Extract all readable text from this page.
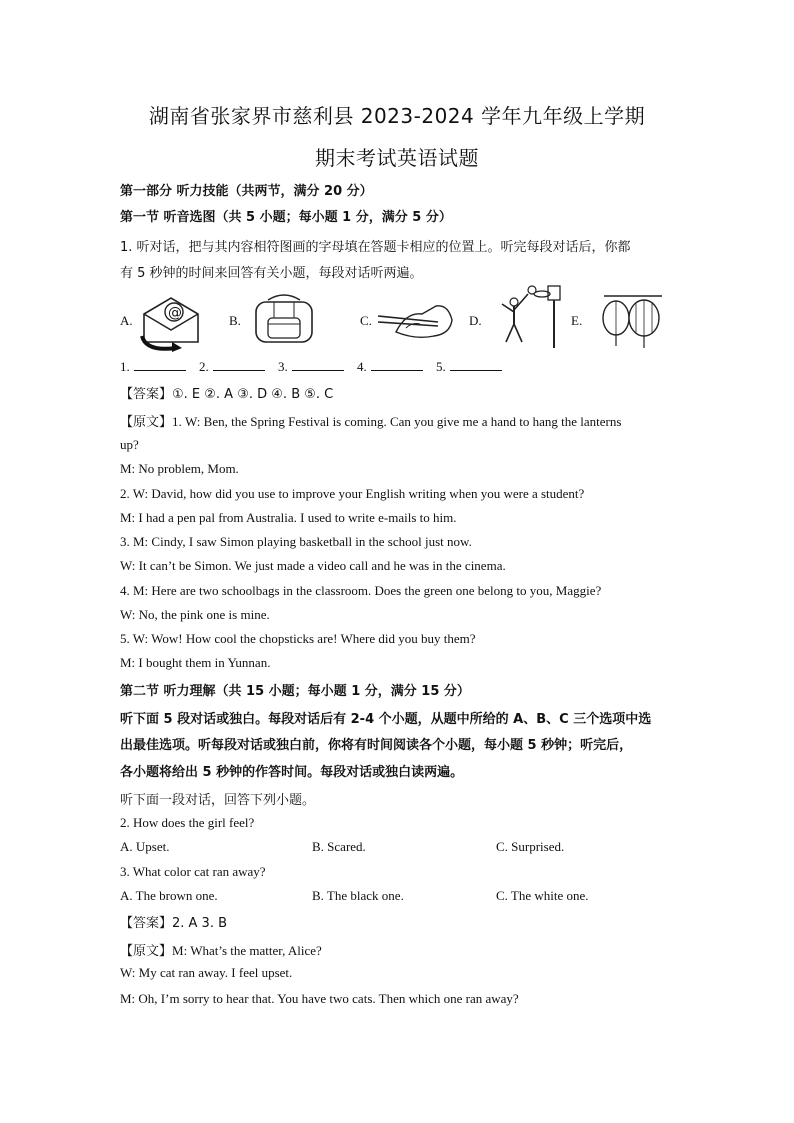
湖南省张家界市慈利县 2023-2024 学年九年级上学期
期末考试英语试题
第一部分 听力技能（共两节，满分 20 分）
第一节 听音选图（共 5 小题；每小题 1 分，满分 5 分）
1. 听对话，把与其内容相符图画的字母填在答题卡相应的位置上。听完每段对话后，你都
有 5 秒钟的时间来回答有关小题，每段对话听两遍。
A.	@	B.	C.	D.	E.
1.	2.	3.	4.	5.
【答案】①. E ②. A ③. D ④. B ⑤. C
【原文】1. W: Ben, the Spring Festival is coming. Can you give me a hand to hang the lanterns
up?
M: No problem, Mom.
2. W: David, how did you use to improve your English writing when you were a student?
M: I had a pen pal from Australia. I used to write e-mails to him.
3. M: Cindy, I saw Simon playing basketball in the school just now.
W: It can’t be Simon. We just made a video call and he was in the cinema.
4. M: Here are two schoolbags in the classroom. Does the green one belong to you, Maggie?
W: No, the pink one is mine.
5. W: Wow! How cool the chopsticks are! Where did you buy them?
M: I bought them in Yunnan.
第二节 听力理解（共 15 小题；每小题 1 分，满分 15 分）
听下面 5 段对话或独白。每段对话后有 2-4 个小题，从题中所给的 A、B、C 三个选项中选
出最佳选项。听每段对话或独白前，你将有时间阅读各个小题，每小题 5 秒钟；听完后，
各小题将给出 5 秒钟的作答时间。每段对话或独白读两遍。
听下面一段对话，回答下列小题。
2. How does the girl feel?
A. Upset.	B. Scared.	C. Surprised.
3. What color cat ran away?
A. The brown one.	B. The black one.	C. The white one.
【答案】2. A 3. B
【原文】M: What’s the matter, Alice?
W: My cat ran away. I feel upset.
M: Oh, I’m sorry to hear that. You have two cats. Then which one ran away?
